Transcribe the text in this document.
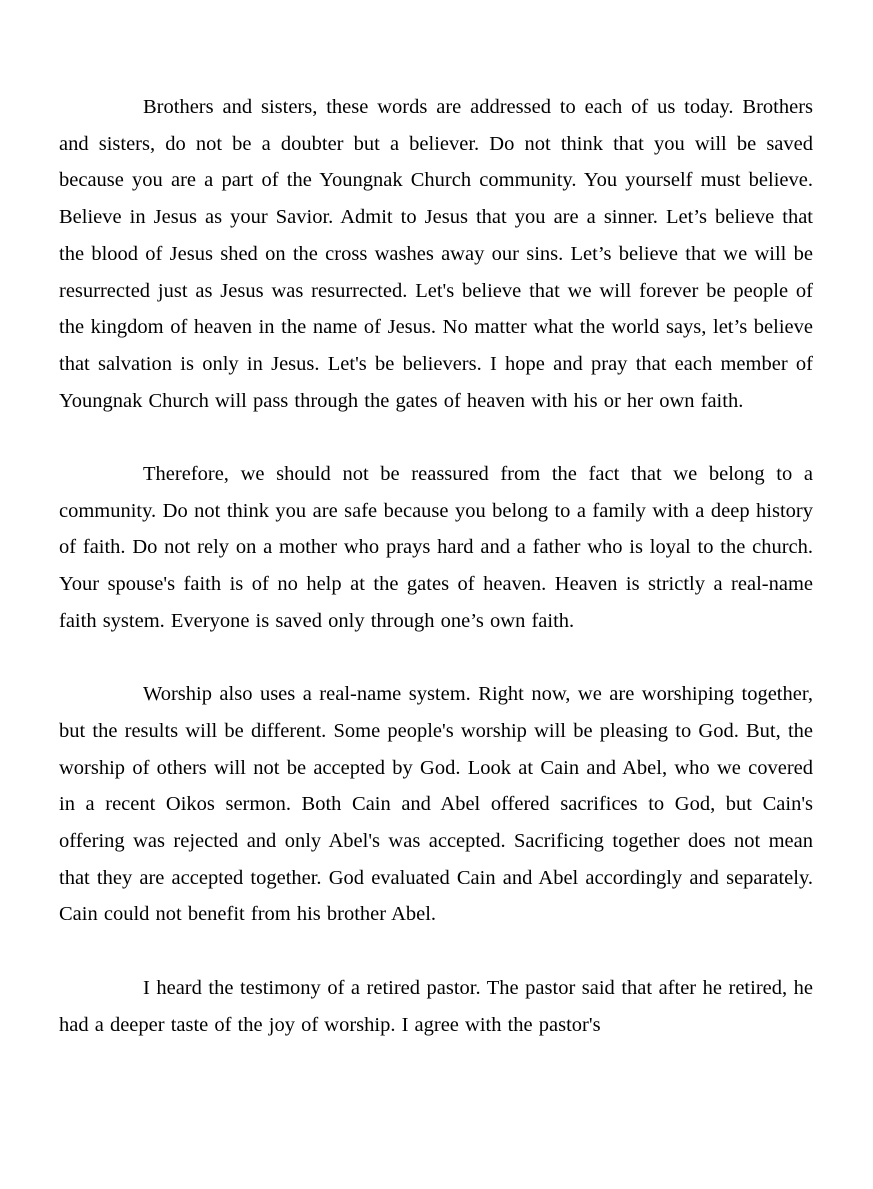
Brothers and sisters, these words are addressed to each of us today. Brothers and sisters, do not be a doubter but a believer. Do not think that you will be saved because you are a part of the Youngnak Church community. You yourself must believe. Believe in Jesus as your Savior. Admit to Jesus that you are a sinner. Let’s believe that the blood of Jesus shed on the cross washes away our sins. Let’s believe that we will be resurrected just as Jesus was resurrected. Let's believe that we will forever be people of the kingdom of heaven in the name of Jesus. No matter what the world says, let’s believe that salvation is only in Jesus. Let's be believers. I hope and pray that each member of Youngnak Church will pass through the gates of heaven with his or her own faith.

Therefore, we should not be reassured from the fact that we belong to a community. Do not think you are safe because you belong to a family with a deep history of faith. Do not rely on a mother who prays hard and a father who is loyal to the church. Your spouse's faith is of no help at the gates of heaven. Heaven is strictly a real-name faith system. Everyone is saved only through one’s own faith.

Worship also uses a real-name system. Right now, we are worshiping together, but the results will be different. Some people's worship will be pleasing to God. But, the worship of others will not be accepted by God. Look at Cain and Abel, who we covered in a recent Oikos sermon. Both Cain and Abel offered sacrifices to God, but Cain's offering was rejected and only Abel's was accepted. Sacrificing together does not mean that they are accepted together. God evaluated Cain and Abel accordingly and separately. Cain could not benefit from his brother Abel.

I heard the testimony of a retired pastor. The pastor said that after he retired, he had a deeper taste of the joy of worship. I agree with the pastor's
